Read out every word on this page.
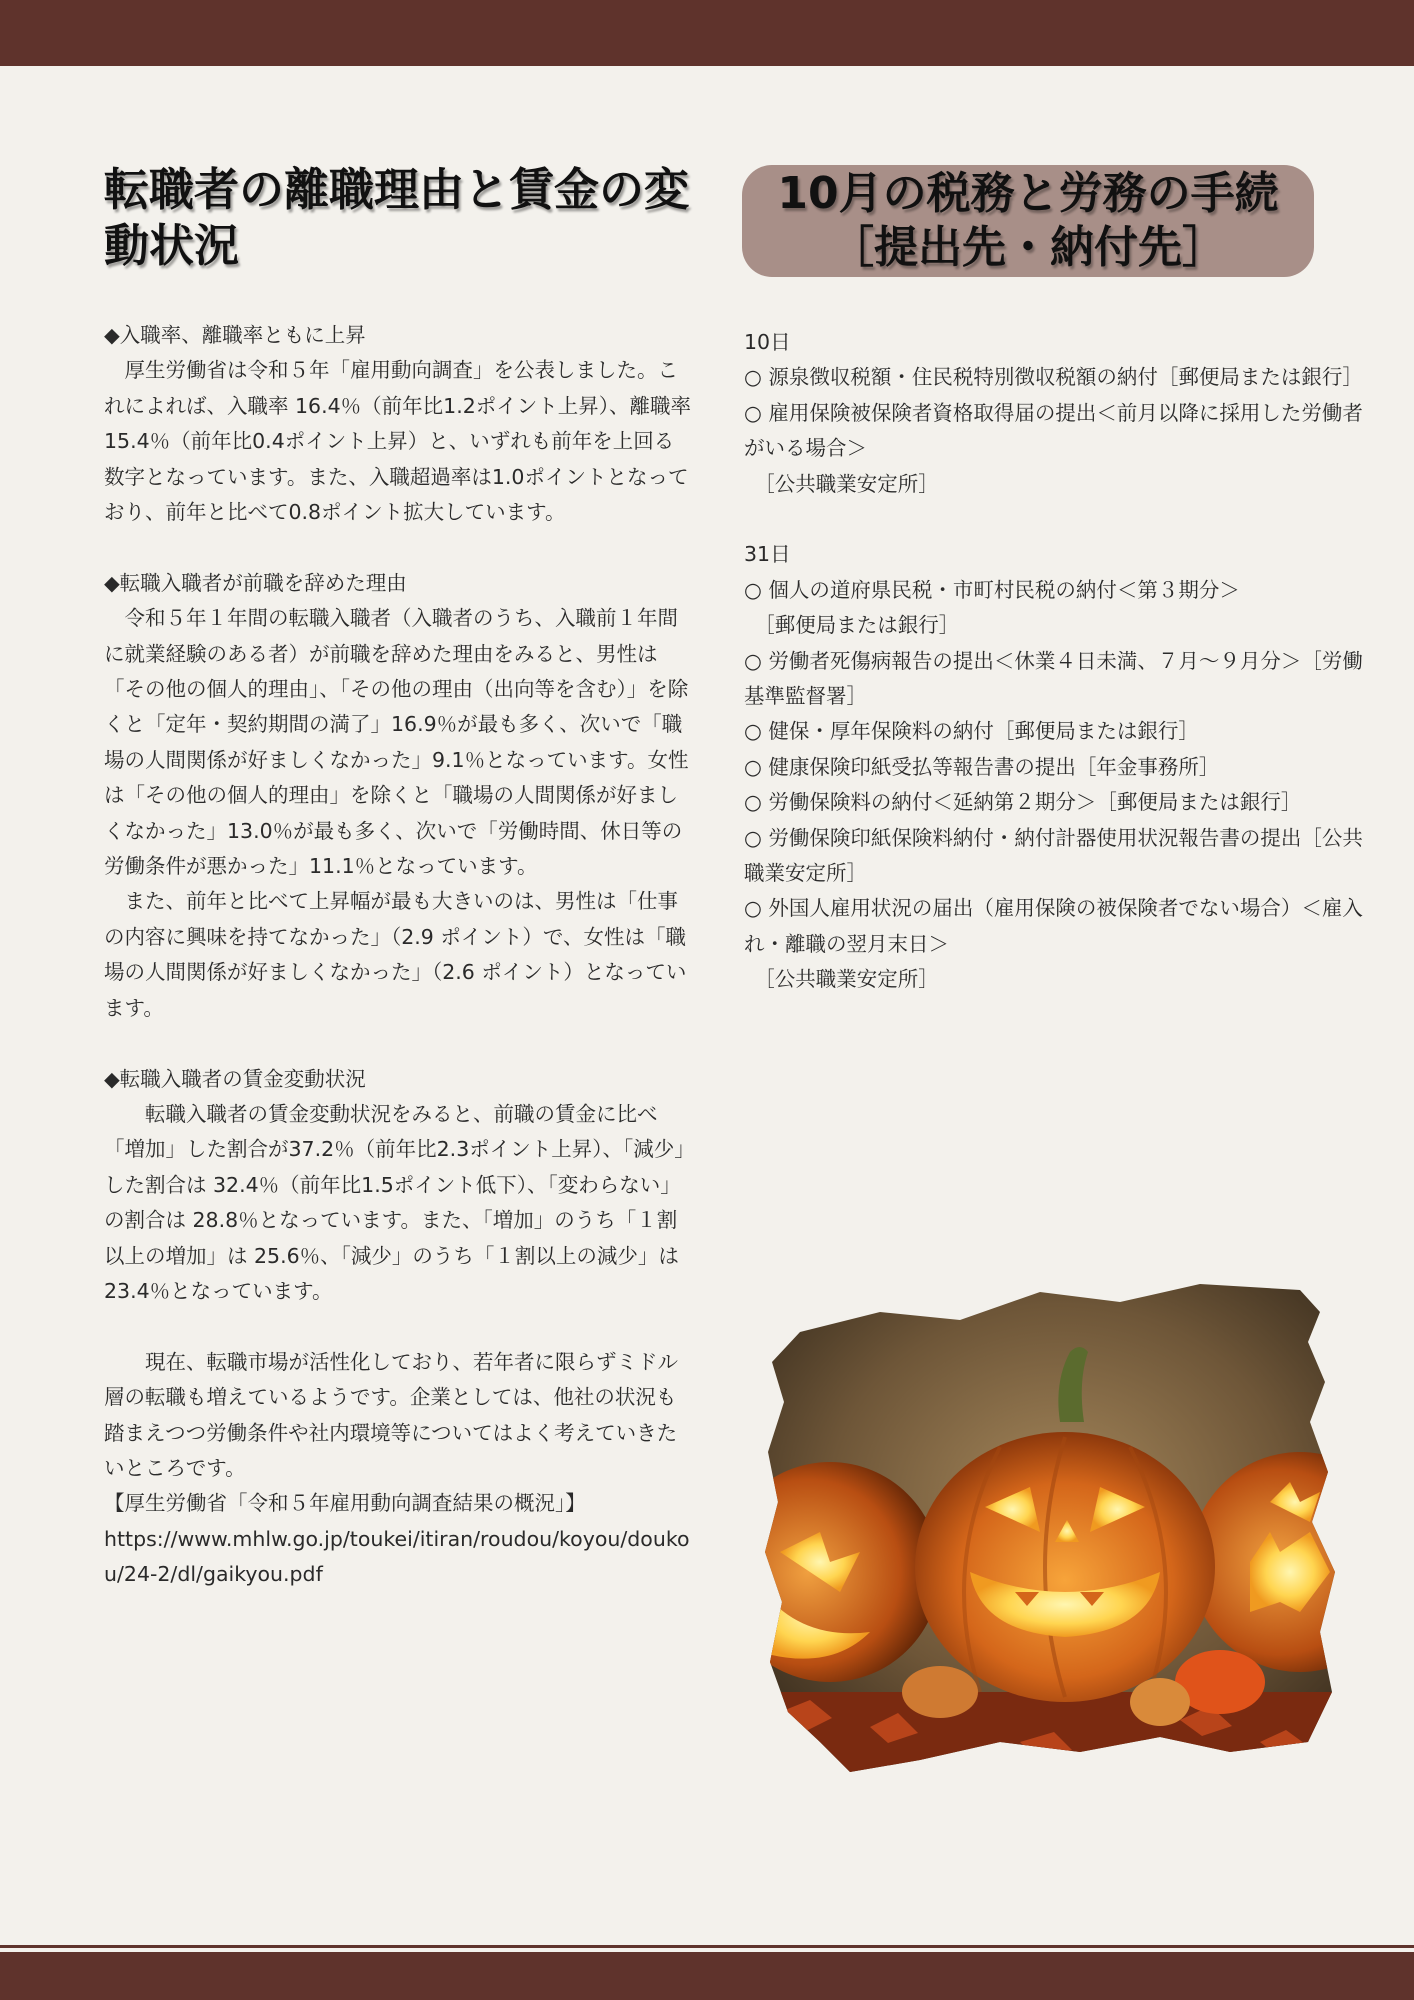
転職者の離職理由と賃金の変動状況

◆入職率、離職率ともに上昇

　厚生労働省は令和５年「雇用動向調査」を公表しました。これによれば、入職率 16.4％（前年比1.2ポイント上昇）、離職率 15.4％（前年比0.4ポイント上昇）と、いずれも前年を上回る数字となっています。また、入職超過率は1.0ポイントとなっており、前年と比べて0.8ポイント拡大しています。

◆転職入職者が前職を辞めた理由

　令和５年１年間の転職入職者（入職者のうち、入職前１年間に就業経験のある者）が前職を辞めた理由をみると、男性は「その他の個人的理由」、「その他の理由（出向等を含む）」を除くと「定年・契約期間の満了」16.9％が最も多く、次いで「職場の人間関係が好ましくなかった」9.1％となっています。女性は「その他の個人的理由」を除くと「職場の人間関係が好ましくなかった」13.0％が最も多く、次いで「労働時間、休日等の労働条件が悪かった」11.1％となっています。

　また、前年と比べて上昇幅が最も大きいのは、男性は「仕事の内容に興味を持てなかった」（2.9 ポイント）で、女性は「職場の人間関係が好ましくなかった」（2.6 ポイント）となっています。

◆転職入職者の賃金変動状況

　　転職入職者の賃金変動状況をみると、前職の賃金に比べ「増加」した割合が37.2％（前年比2.3ポイント上昇）、「減少」した割合は 32.4％（前年比1.5ポイント低下）、「変わらない」の割合は 28.8％となっています。また、「増加」のうち「１割以上の増加」は 25.6％、「減少」のうち「１割以上の減少」は 23.4％となっています。

　　現在、転職市場が活性化しており、若年者に限らずミドル層の転職も増えているようです。企業としては、他社の状況も踏まえつつ労働条件や社内環境等についてはよく考えていきたいところです。

【厚生労働省「令和５年雇用動向調査結果の概況」】

https://www.mhlw.go.jp/toukei/itiran/roudou/koyou/doukou/24-2/dl/gaikyou.pdf

10月の税務と労務の手続
［提出先・納付先］

10日

○ 源泉徴収税額・住民税特別徴収税額の納付［郵便局または銀行］

○ 雇用保険被保険者資格取得届の提出＜前月以降に採用した労働者がいる場合＞

　［公共職業安定所］

31日

○ 個人の道府県民税・市町村民税の納付＜第３期分＞

　［郵便局または銀行］

○ 労働者死傷病報告の提出＜休業４日未満、７月～９月分＞［労働基準監督署］

○ 健保・厚年保険料の納付［郵便局または銀行］

○ 健康保険印紙受払等報告書の提出［年金事務所］

○ 労働保険料の納付＜延納第２期分＞［郵便局または銀行］

○ 労働保険印紙保険料納付・納付計器使用状況報告書の提出［公共職業安定所］

○ 外国人雇用状況の届出（雇用保険の被保険者でない場合）＜雇入れ・離職の翌月末日＞

　［公共職業安定所］
